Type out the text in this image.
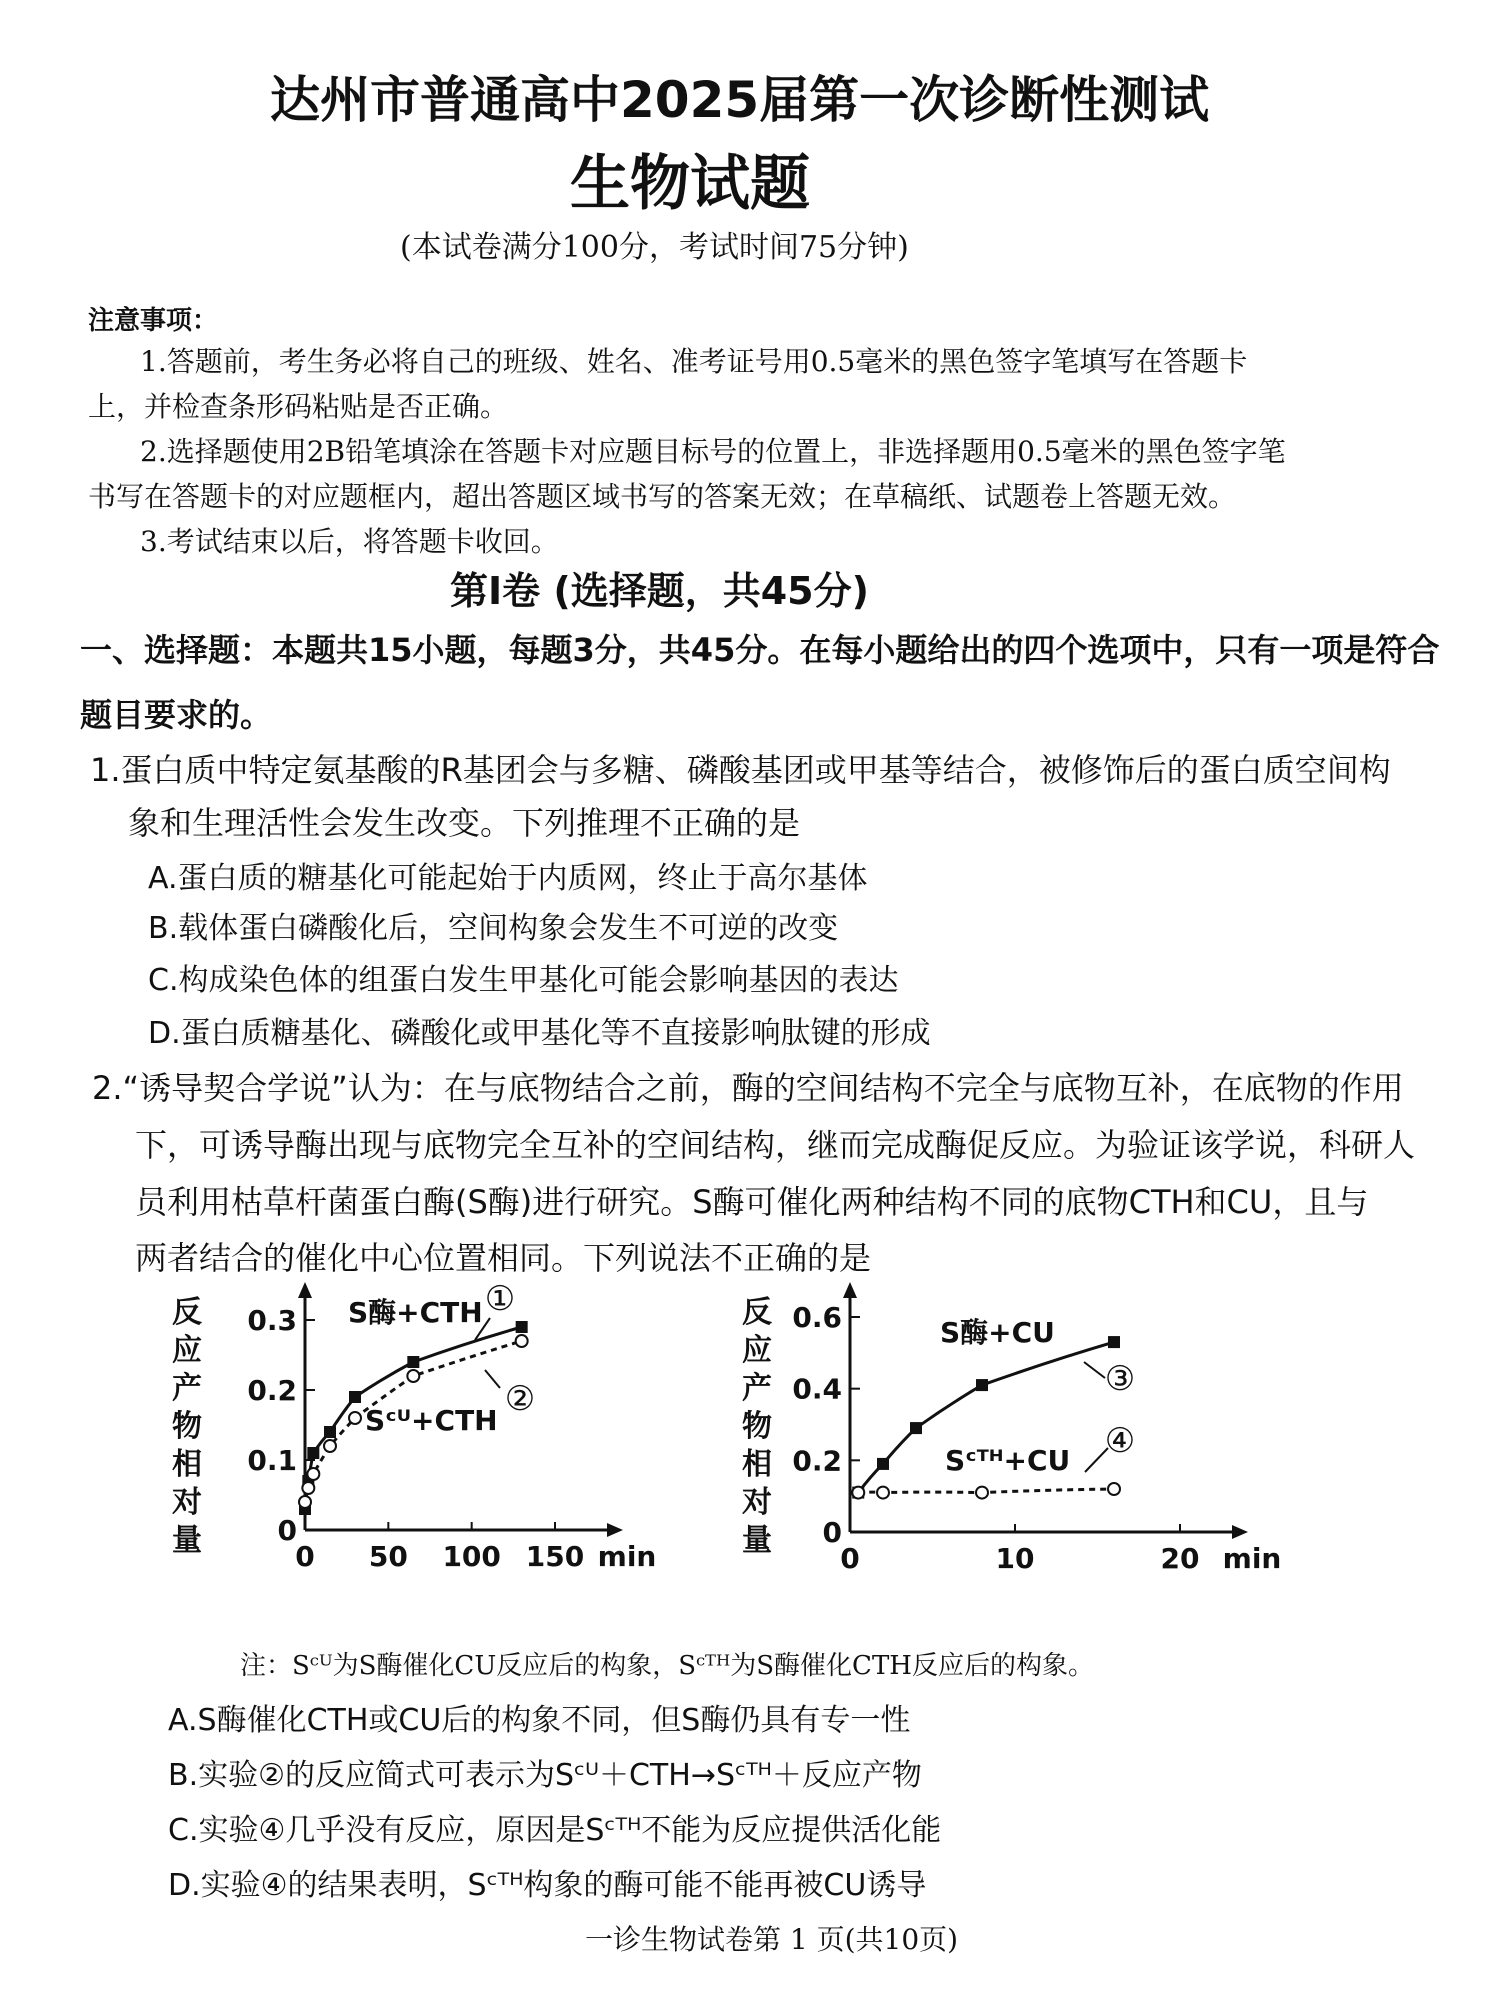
达州市普通高中2025届第一次诊断性测试
生物试题
(本试卷满分100分，考试时间75分钟)
注意事项：
1.答题前，考生务必将自己的班级、姓名、准考证号用0.5毫米的黑色签字笔填写在答题卡
上，并检查条形码粘贴是否正确。
2.选择题使用2B铅笔填涂在答题卡对应题目标号的位置上，非选择题用0.5毫米的黑色签字笔
书写在答题卡的对应题框内，超出答题区域书写的答案无效；在草稿纸、试题卷上答题无效。
3.考试结束以后，将答题卡收回。
第Ⅰ卷 (选择题，共45分)
一、选择题：本题共15小题，每题3分，共45分。在每小题给出的四个选项中，只有一项是符合
题目要求的。
1.蛋白质中特定氨基酸的R基团会与多糖、磷酸基团或甲基等结合，被修饰后的蛋白质空间构
象和生理活性会发生改变。下列推理不正确的是
A.蛋白质的糖基化可能起始于内质网，终止于高尔基体
B.载体蛋白磷酸化后，空间构象会发生不可逆的改变
C.构成染色体的组蛋白发生甲基化可能会影响基因的表达
D.蛋白质糖基化、磷酸化或甲基化等不直接影响肽键的形成
2.“诱导契合学说”认为：在与底物结合之前，酶的空间结构不完全与底物互补，在底物的作用
下，可诱导酶出现与底物完全互补的空间结构，继而完成酶促反应。为验证该学说，科研人
员利用枯草杆菌蛋白酶(S酶)进行研究。S酶可催化两种结构不同的底物CTH和CU，且与
两者结合的催化中心位置相同。下列说法不正确的是
反
应
产
物
相
对
量	0
0.1
0.2
0.3
0 50 100 150 min
S酶+CTH ①
Sᶜᵁ+CTH
②
反
应
产
物
相
对
量 0
0.2
0.4
0.6
0	10	20 min
S酶+CU
③
Sᶜᵀᴴ+CU ④
注：Sᶜᵁ为S酶催化CU反应后的构象，Sᶜᵀᴴ为S酶催化CTH反应后的构象。
A.S酶催化CTH或CU后的构象不同，但S酶仍具有专一性
B.实验②的反应简式可表示为Sᶜᵁ＋CTH→Sᶜᵀᴴ＋反应产物
C.实验④几乎没有反应，原因是Sᶜᵀᴴ不能为反应提供活化能
D.实验④的结果表明，Sᶜᵀᴴ构象的酶可能不能再被CU诱导
一诊生物试卷第 1 页(共10页)
